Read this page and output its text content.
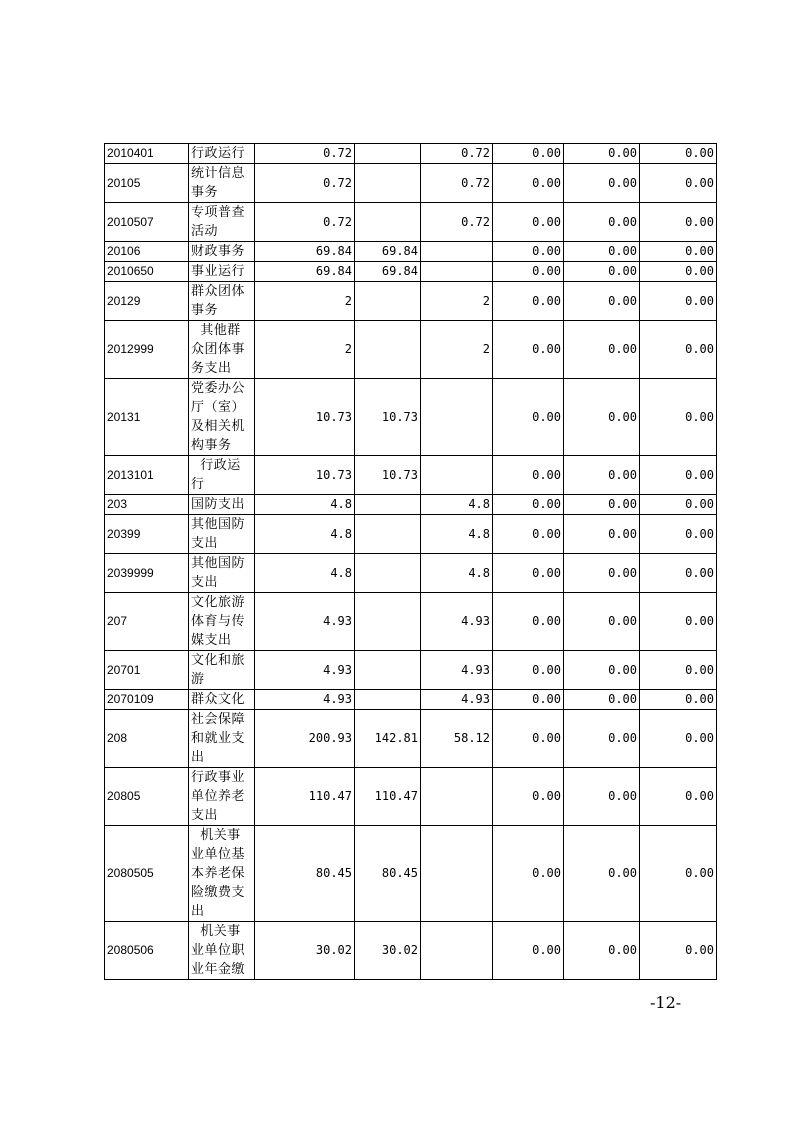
2010401	行政运行	0.72		0.72	0.00	0.00	0.00
20105	统计信息事务	0.72		0.72	0.00	0.00	0.00
2010507	专项普查活动	0.72		0.72	0.00	0.00	0.00
20106	财政事务	69.84	69.84		0.00	0.00	0.00
2010650	事业运行	69.84	69.84		0.00	0.00	0.00
20129	群众团体事务	2		2	0.00	0.00	0.00
2012999	其他群众团体事务支出	2		2	0.00	0.00	0.00
20131	党委办公厅（室）及相关机构事务	10.73	10.73		0.00	0.00	0.00
2013101	行政运行	10.73	10.73		0.00	0.00	0.00
203	国防支出	4.8		4.8	0.00	0.00	0.00
20399	其他国防支出	4.8		4.8	0.00	0.00	0.00
2039999	其他国防支出	4.8		4.8	0.00	0.00	0.00
207	文化旅游体育与传媒支出	4.93		4.93	0.00	0.00	0.00
20701	文化和旅游	4.93		4.93	0.00	0.00	0.00
2070109	群众文化	4.93		4.93	0.00	0.00	0.00
208	社会保障和就业支出	200.93	142.81	58.12	0.00	0.00	0.00
20805	行政事业单位养老支出	110.47	110.47		0.00	0.00	0.00
2080505	机关事业单位基本养老保险缴费支出	80.45	80.45		0.00	0.00	0.00
2080506	机关事业单位职业年金缴	30.02	30.02		0.00	0.00	0.00
-12-
